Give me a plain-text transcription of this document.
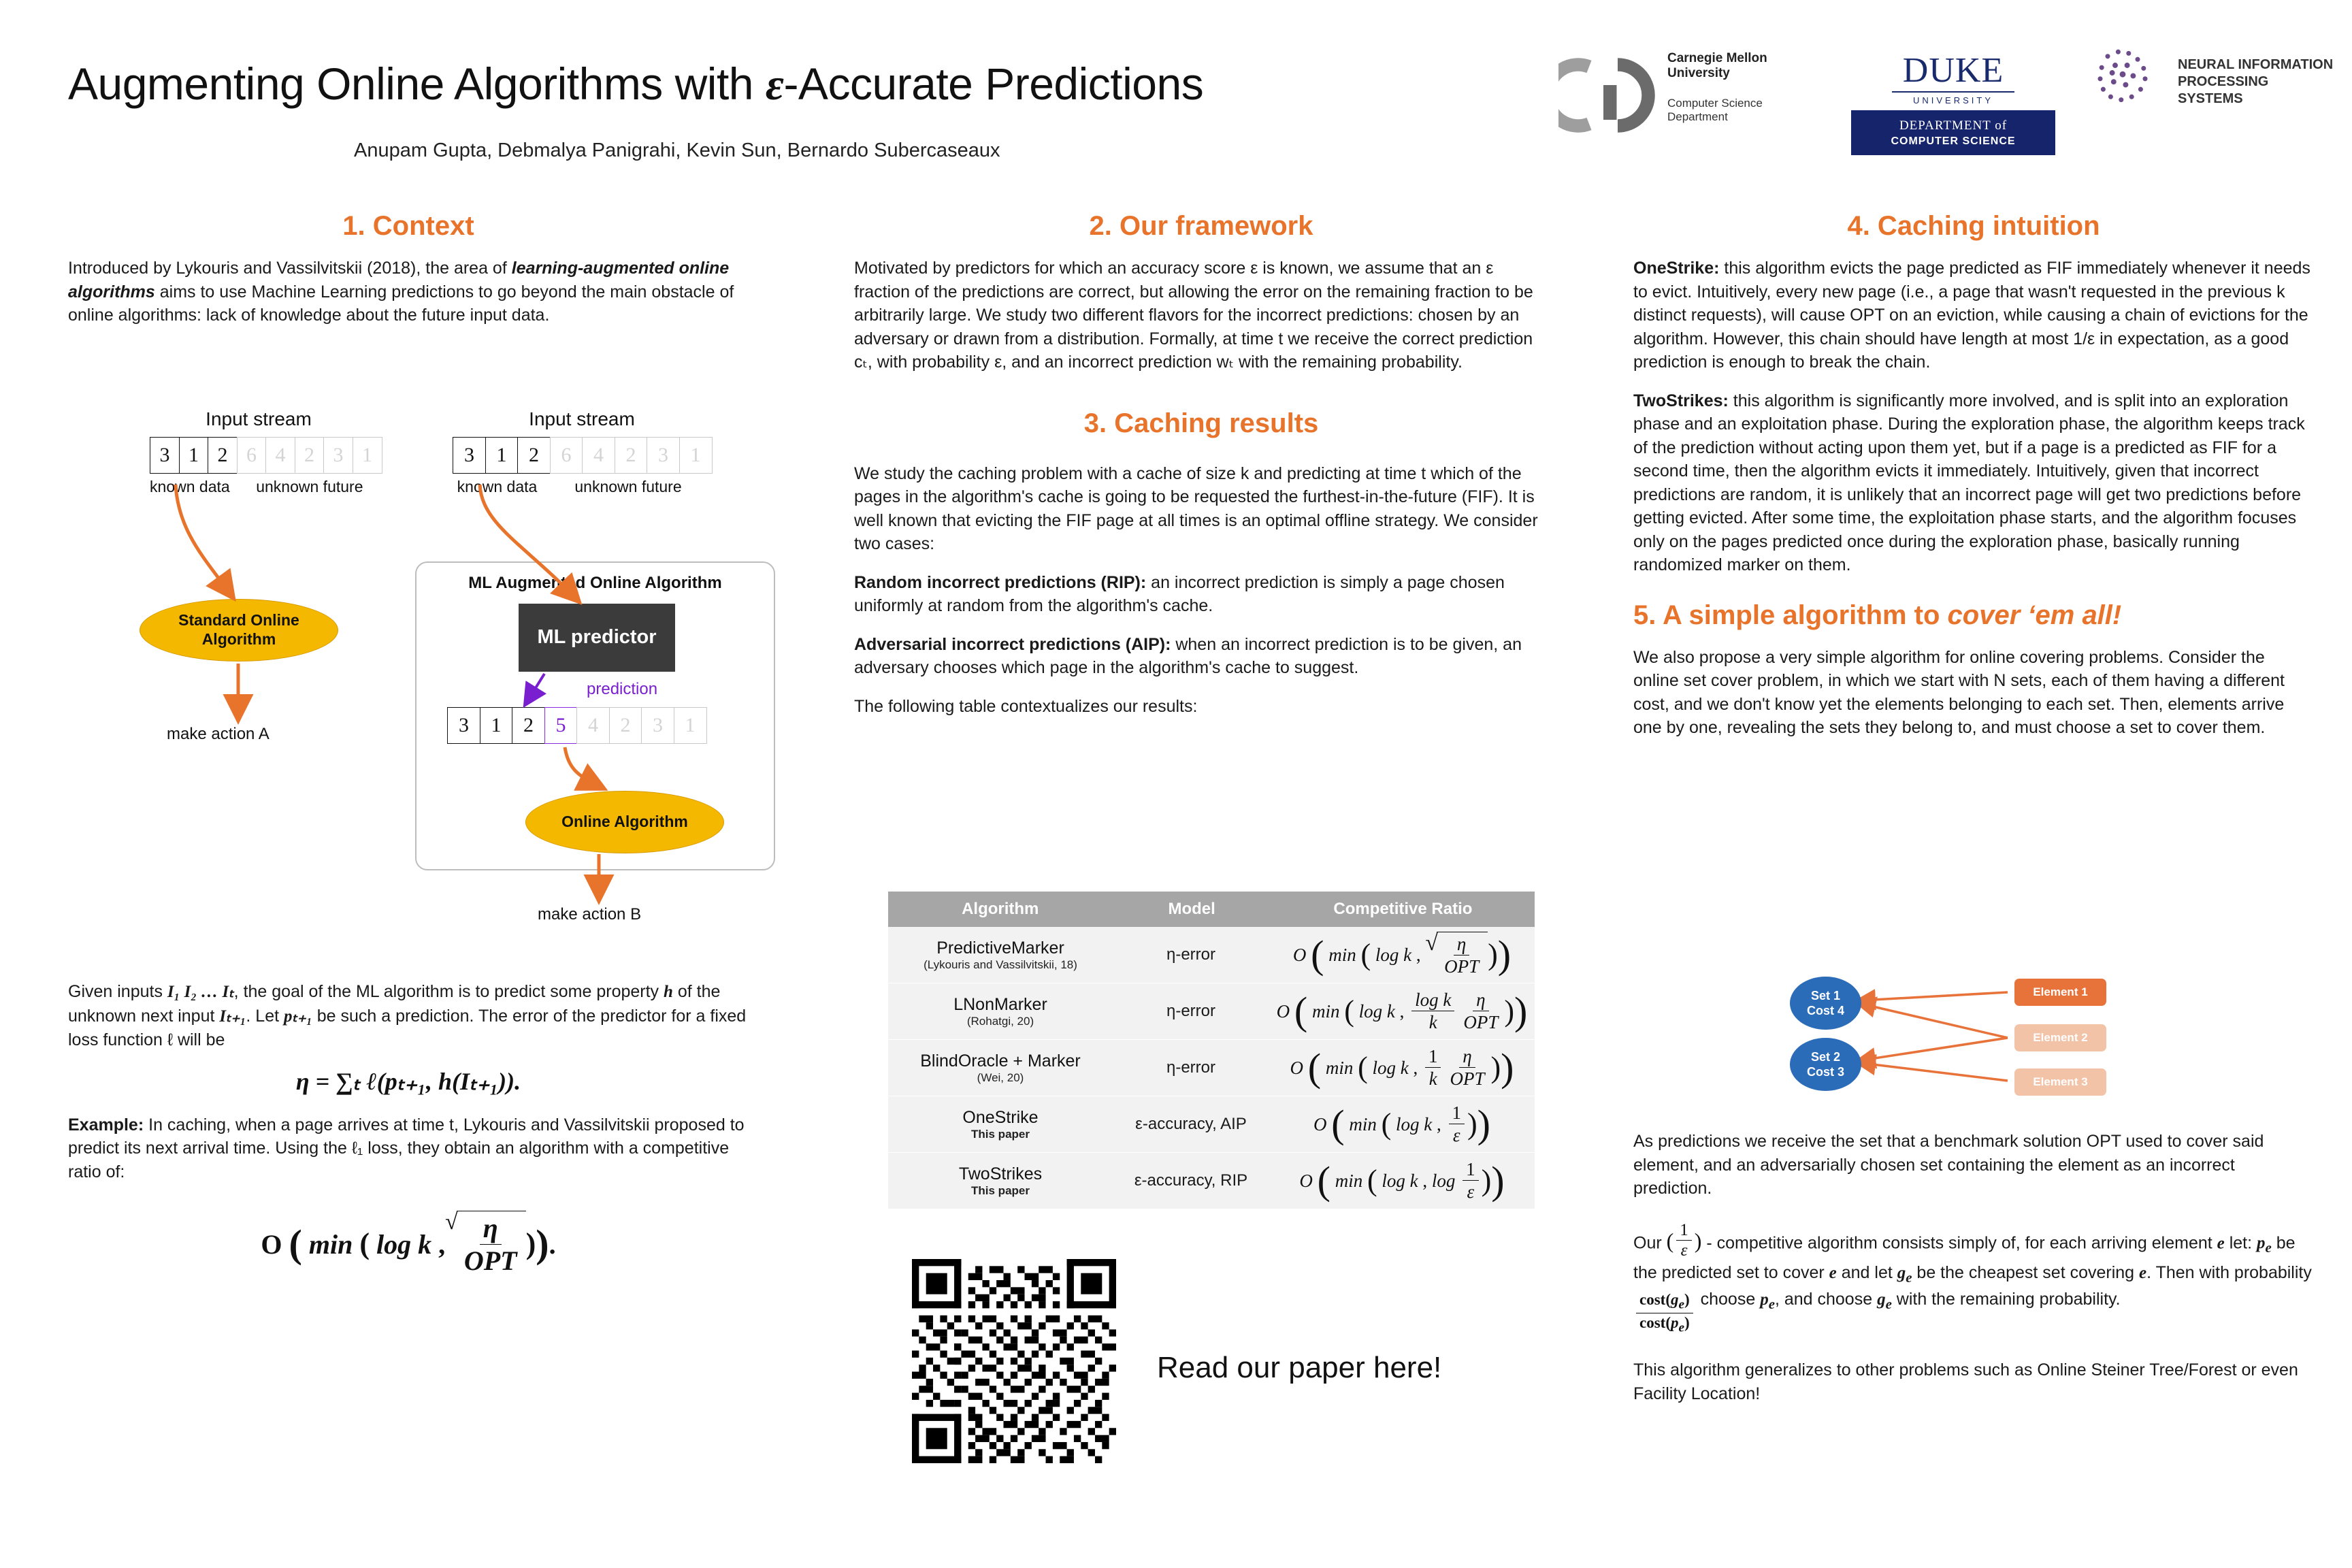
Augmenting Online Algorithms with ε-Accurate Predictions
Anupam Gupta, Debmalya Panigrahi, Kevin Sun, Bernardo Subercaseaux
Carnegie Mellon University
Computer Science Department
DUKE
UNIVERSITY
DEPARTMENT of
COMPUTER SCIENCE
NEURAL INFORMATION PROCESSING SYSTEMS
1. Context

Introduced by Lykouris and Vassilvitskii (2018), the area of learning-augmented online algorithms aims to use Machine Learning predictions to go beyond the main obstacle of online algorithms: lack of knowledge about the future input data.

Input stream
3 1 2 6 4 2 3 1
known data	unknown future
Standard Online Algorithm
make action A
Input stream
3	1	2	6	4	2	3	1
known data	unknown future
ML Augmented Online Algorithm
ML predictor
prediction
3	1	2	5	4	2	3	1
Online Algorithm
make action B

Given inputs I₁ I₂ … Iₜ, the goal of the ML algorithm is to predict some property h of the unknown next input Iₜ₊₁. Let pₜ₊₁ be such a prediction. The error of the predictor for a fixed loss function ℓ will be

η = ∑ₜ ℓ(pₜ₊₁, h(Iₜ₊₁)).

Example: In caching, when a page arrives at time t, Lykouris and Vassilvitskii proposed to predict its next arrival time. Using the ℓ₁ loss, they obtain an algorithm with a competitive ratio of:

O (
min
(
log k ,
√ $\frac{\eta}{\text{OPT}}$ ) ) .
2. Our framework

Motivated by predictors for which an accuracy score ε is known, we assume that an ε fraction of the predictions are correct, but allowing the error on the remaining fraction to be arbitrarily large. We study two different flavors for the incorrect predictions: chosen by an adversary or drawn from a distribution. Formally, at time t we receive the correct prediction cₜ, with probability ε, and an incorrect prediction wₜ with the remaining probability.

3. Caching results

We study the caching problem with a cache of size k and predicting at time t which of the pages in the algorithm's cache is going to be requested the furthest-in-the-future (FIF). It is well known that evicting the FIF page at all times is an optimal offline strategy. We consider two cases:

Random incorrect predictions (RIP): an incorrect prediction is simply a page chosen uniformly at random from the algorithm's cache.

Adversarial incorrect predictions (AIP): when an incorrect prediction is to be given, an adversary chooses which page in the algorithm's cache to suggest.

The following table contextualizes our results:

Algorithm	Model	Competitive Ratio
PredictiveMarker
(Lykouris and Vassilvitskii, 18)
η-error	O
(
min
(
log k , √ $\frac{\eta}{\text{OPT}}$ ) )
LNonMarker
(Rohatgi, 20)
η-error	O
(
min
(
log k , $\frac{\text{log k}}{k} \frac{\eta}{\text{OPT}}$ ) )
BlindOracle + Marker
(Wei, 20)
η-error	O
(
min
(
log k , $\frac{1}{k} \frac{\eta}{\text{OPT}}$ ) )
OneStrike
This paper
ε-accuracy, AIP	O
(
min
(
log k , $\frac{1}{\varepsilon}$ ) )
TwoStrikes
This paper
ε-accuracy, RIP	O
(
min
(
log k , log
$\frac{1}{\varepsilon}$ ) )
Read our paper here!
4. Caching intuition

OneStrike: this algorithm evicts the page predicted as FIF immediately whenever it needs to evict. Intuitively, every new page (i.e., a page that wasn't requested in the previous k distinct requests), will cause OPT on an eviction, while causing a chain of evictions for the algorithm. However, this chain should have length at most 1/ε in expectation, as a good prediction is enough to break the chain.

TwoStrikes: this algorithm is significantly more involved, and is split into an exploration phase and an exploitation phase. During the exploration phase, the algorithm keeps track of the prediction without acting upon them yet, but if a page is a predicted as FIF for a second time, then the algorithm evicts it immediately. Intuitively, given that incorrect predictions are random, it is unlikely that an incorrect page will get two predictions before getting evicted. After some time, the exploitation phase starts, and the algorithm focuses only on the pages predicted once during the exploration phase, basically running randomized marker on them.

5. A simple algorithm to cover ‘em all!

We also propose a very simple algorithm for online covering problems. Consider the online set cover problem, in which we start with N sets, each of them having a different cost, and we don't know yet the elements belonging to each set. Then, elements arrive one by one, revealing the sets they belong to, and must choose a set to cover them.

Set 1
Cost 4
Set 2
Cost 3
Element 1
Element 2
Element 3

As predictions we receive the set that a benchmark solution OPT used to cover said element, and an adversarially chosen set containing the element as an incorrect prediction.

Our ( $\frac{1}{\varepsilon}$ ) - competitive algorithm consists simply of, for each arriving element e let: $p_e$ be the predicted set to cover e and let $g_e$ be the cheapest set covering e. Then with probability
$\frac{\cos t(g_e)}{\cos t(p_e)}$ choose $p_e$, and choose $g_e$ with the remaining probability.

This algorithm generalizes to other problems such as Online Steiner Tree/Forest or even Facility Location!
